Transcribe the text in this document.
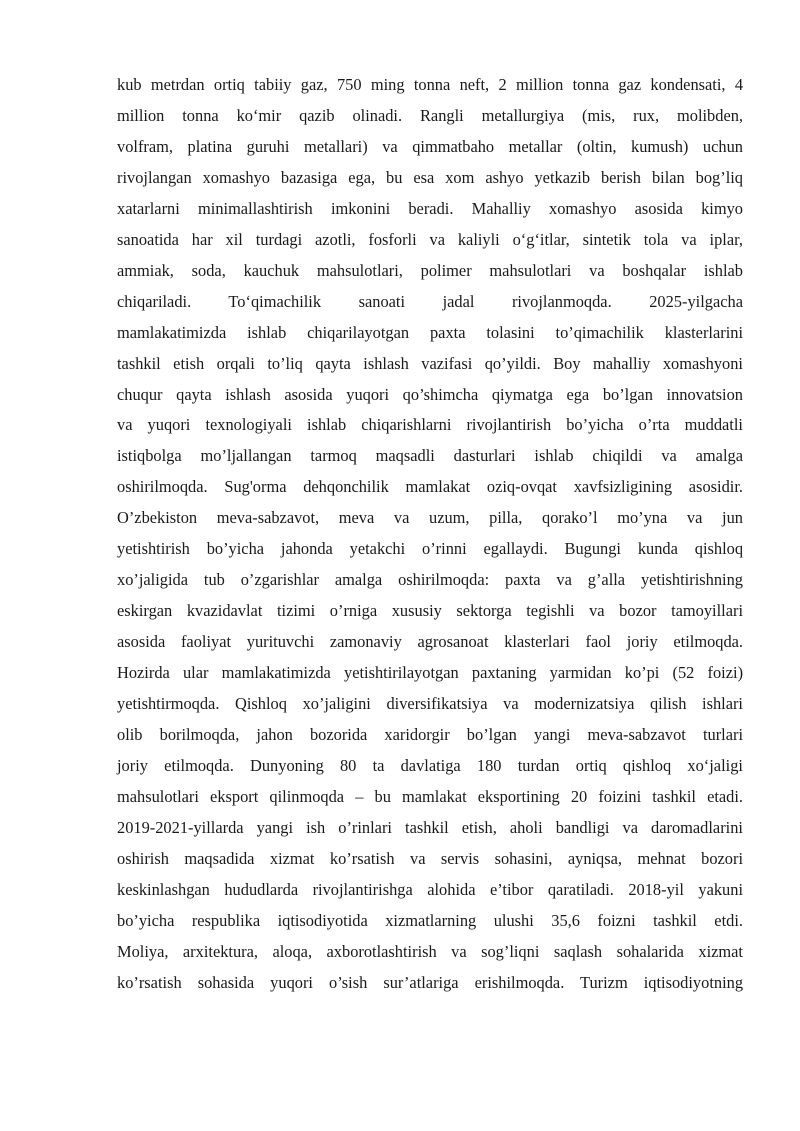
kub metrdan ortiq tabiiy gaz, 750 ming tonna neft, 2 million tonna gaz kondensati, 4
million tonna ko‘mir qazib olinadi. Rangli metallurgiya (mis, rux, molibden,
volfram, platina guruhi metallari) va qimmatbaho metallar (oltin, kumush) uchun
rivojlangan xomashyo bazasiga ega, bu esa xom ashyo yetkazib berish bilan bog’liq
xatarlarni minimallashtirish imkonini beradi. Mahalliy xomashyo asosida kimyo
sanoatida har xil turdagi azotli, fosforli va kaliyli o‘g‘itlar, sintetik tola va iplar,
ammiak, soda, kauchuk mahsulotlari, polimer mahsulotlari va boshqalar ishlab
chiqariladi. To‘qimachilik sanoati jadal rivojlanmoqda. 2025-yilgacha
mamlakatimizda ishlab chiqarilayotgan paxta tolasini to’qimachilik klasterlarini
tashkil etish orqali to’liq qayta ishlash vazifasi qo’yildi. Boy mahalliy xomashyoni
chuqur qayta ishlash asosida yuqori qo’shimcha qiymatga ega bo’lgan innovatsion
va yuqori texnologiyali ishlab chiqarishlarni rivojlantirish bo’yicha o’rta muddatli
istiqbolga mo’ljallangan tarmoq maqsadli dasturlari ishlab chiqildi va amalga
oshirilmoqda. Sug'orma dehqonchilik mamlakat oziq-ovqat xavfsizligining asosidir.
O’zbekiston meva-sabzavot, meva va uzum, pilla, qorako’l mo’yna va jun
yetishtirish bo’yicha jahonda yetakchi o’rinni egallaydi. Bugungi kunda qishloq
xo’jaligida tub o’zgarishlar amalga oshirilmoqda: paxta va g’alla yetishtirishning
eskirgan kvazidavlat tizimi o’rniga xususiy sektorga tegishli va bozor tamoyillari
asosida faoliyat yurituvchi zamonaviy agrosanoat klasterlari faol joriy etilmoqda.
Hozirda ular mamlakatimizda yetishtirilayotgan paxtaning yarmidan ko’pi (52 foizi)
yetishtirmoqda. Qishloq xo’jaligini diversifikatsiya va modernizatsiya qilish ishlari
olib borilmoqda, jahon bozorida xaridorgir bo’lgan yangi meva-sabzavot turlari
joriy etilmoqda. Dunyoning 80 ta davlatiga 180 turdan ortiq qishloq xo‘jaligi
mahsulotlari eksport qilinmoqda – bu mamlakat eksportining 20 foizini tashkil etadi.
2019-2021-yillarda yangi ish o’rinlari tashkil etish, aholi bandligi va daromadlarini
oshirish maqsadida xizmat ko’rsatish va servis sohasini, ayniqsa, mehnat bozori
keskinlashgan hududlarda rivojlantirishga alohida e’tibor qaratiladi. 2018-yil yakuni
bo’yicha respublika iqtisodiyotida xizmatlarning ulushi 35,6 foizni tashkil etdi.
Moliya, arxitektura, aloqa, axborotlashtirish va sog’liqni saqlash sohalarida xizmat
ko’rsatish sohasida yuqori o’sish sur’atlariga erishilmoqda. Turizm iqtisodiyotning
